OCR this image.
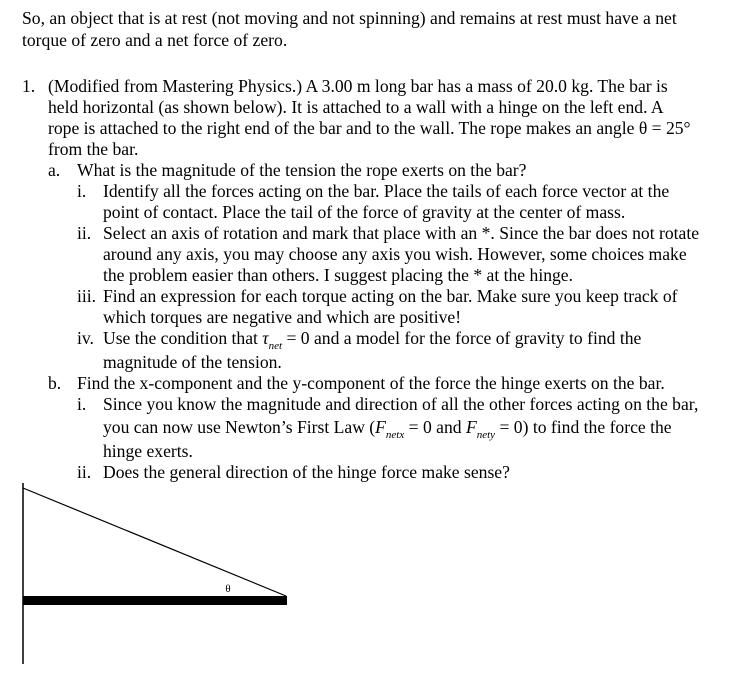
So, an object that is at rest (not moving and not spinning) and remains at rest must have a net
torque of zero and a net force of zero.
1. (Modified from Mastering Physics.) A 3.00 m long bar has a mass of 20.0 kg. The bar is
held horizontal (as shown below). It is attached to a wall with a hinge on the left end. A
rope is attached to the right end of the bar and to the wall. The rope makes an angle θ = 25°
from the bar.
a. What is the magnitude of the tension the rope exerts on the bar?
i. Identify all the forces acting on the bar. Place the tails of each force vector at the
point of contact. Place the tail of the force of gravity at the center of mass.
ii. Select an axis of rotation and mark that place with an *. Since the bar does not rotate
around any axis, you may choose any axis you wish. However, some choices make
the problem easier than others. I suggest placing the * at the hinge.
iii. Find an expression for each torque acting on the bar. Make sure you keep track of
which torques are negative and which are positive!
iv. Use the condition that $\tau_{net} = 0$ and a model for the force of gravity to find the
magnitude of the tension.
b. Find the x-component and the y-component of the force the hinge exerts on the bar.
i. Since you know the magnitude and direction of all the other forces acting on the bar,
you can now use Newton’s First Law ($F_{netx} = 0$ and $F_{nety} = 0$) to find the force the
hinge exerts.
ii. Does the general direction of the hinge force make sense?
θ
